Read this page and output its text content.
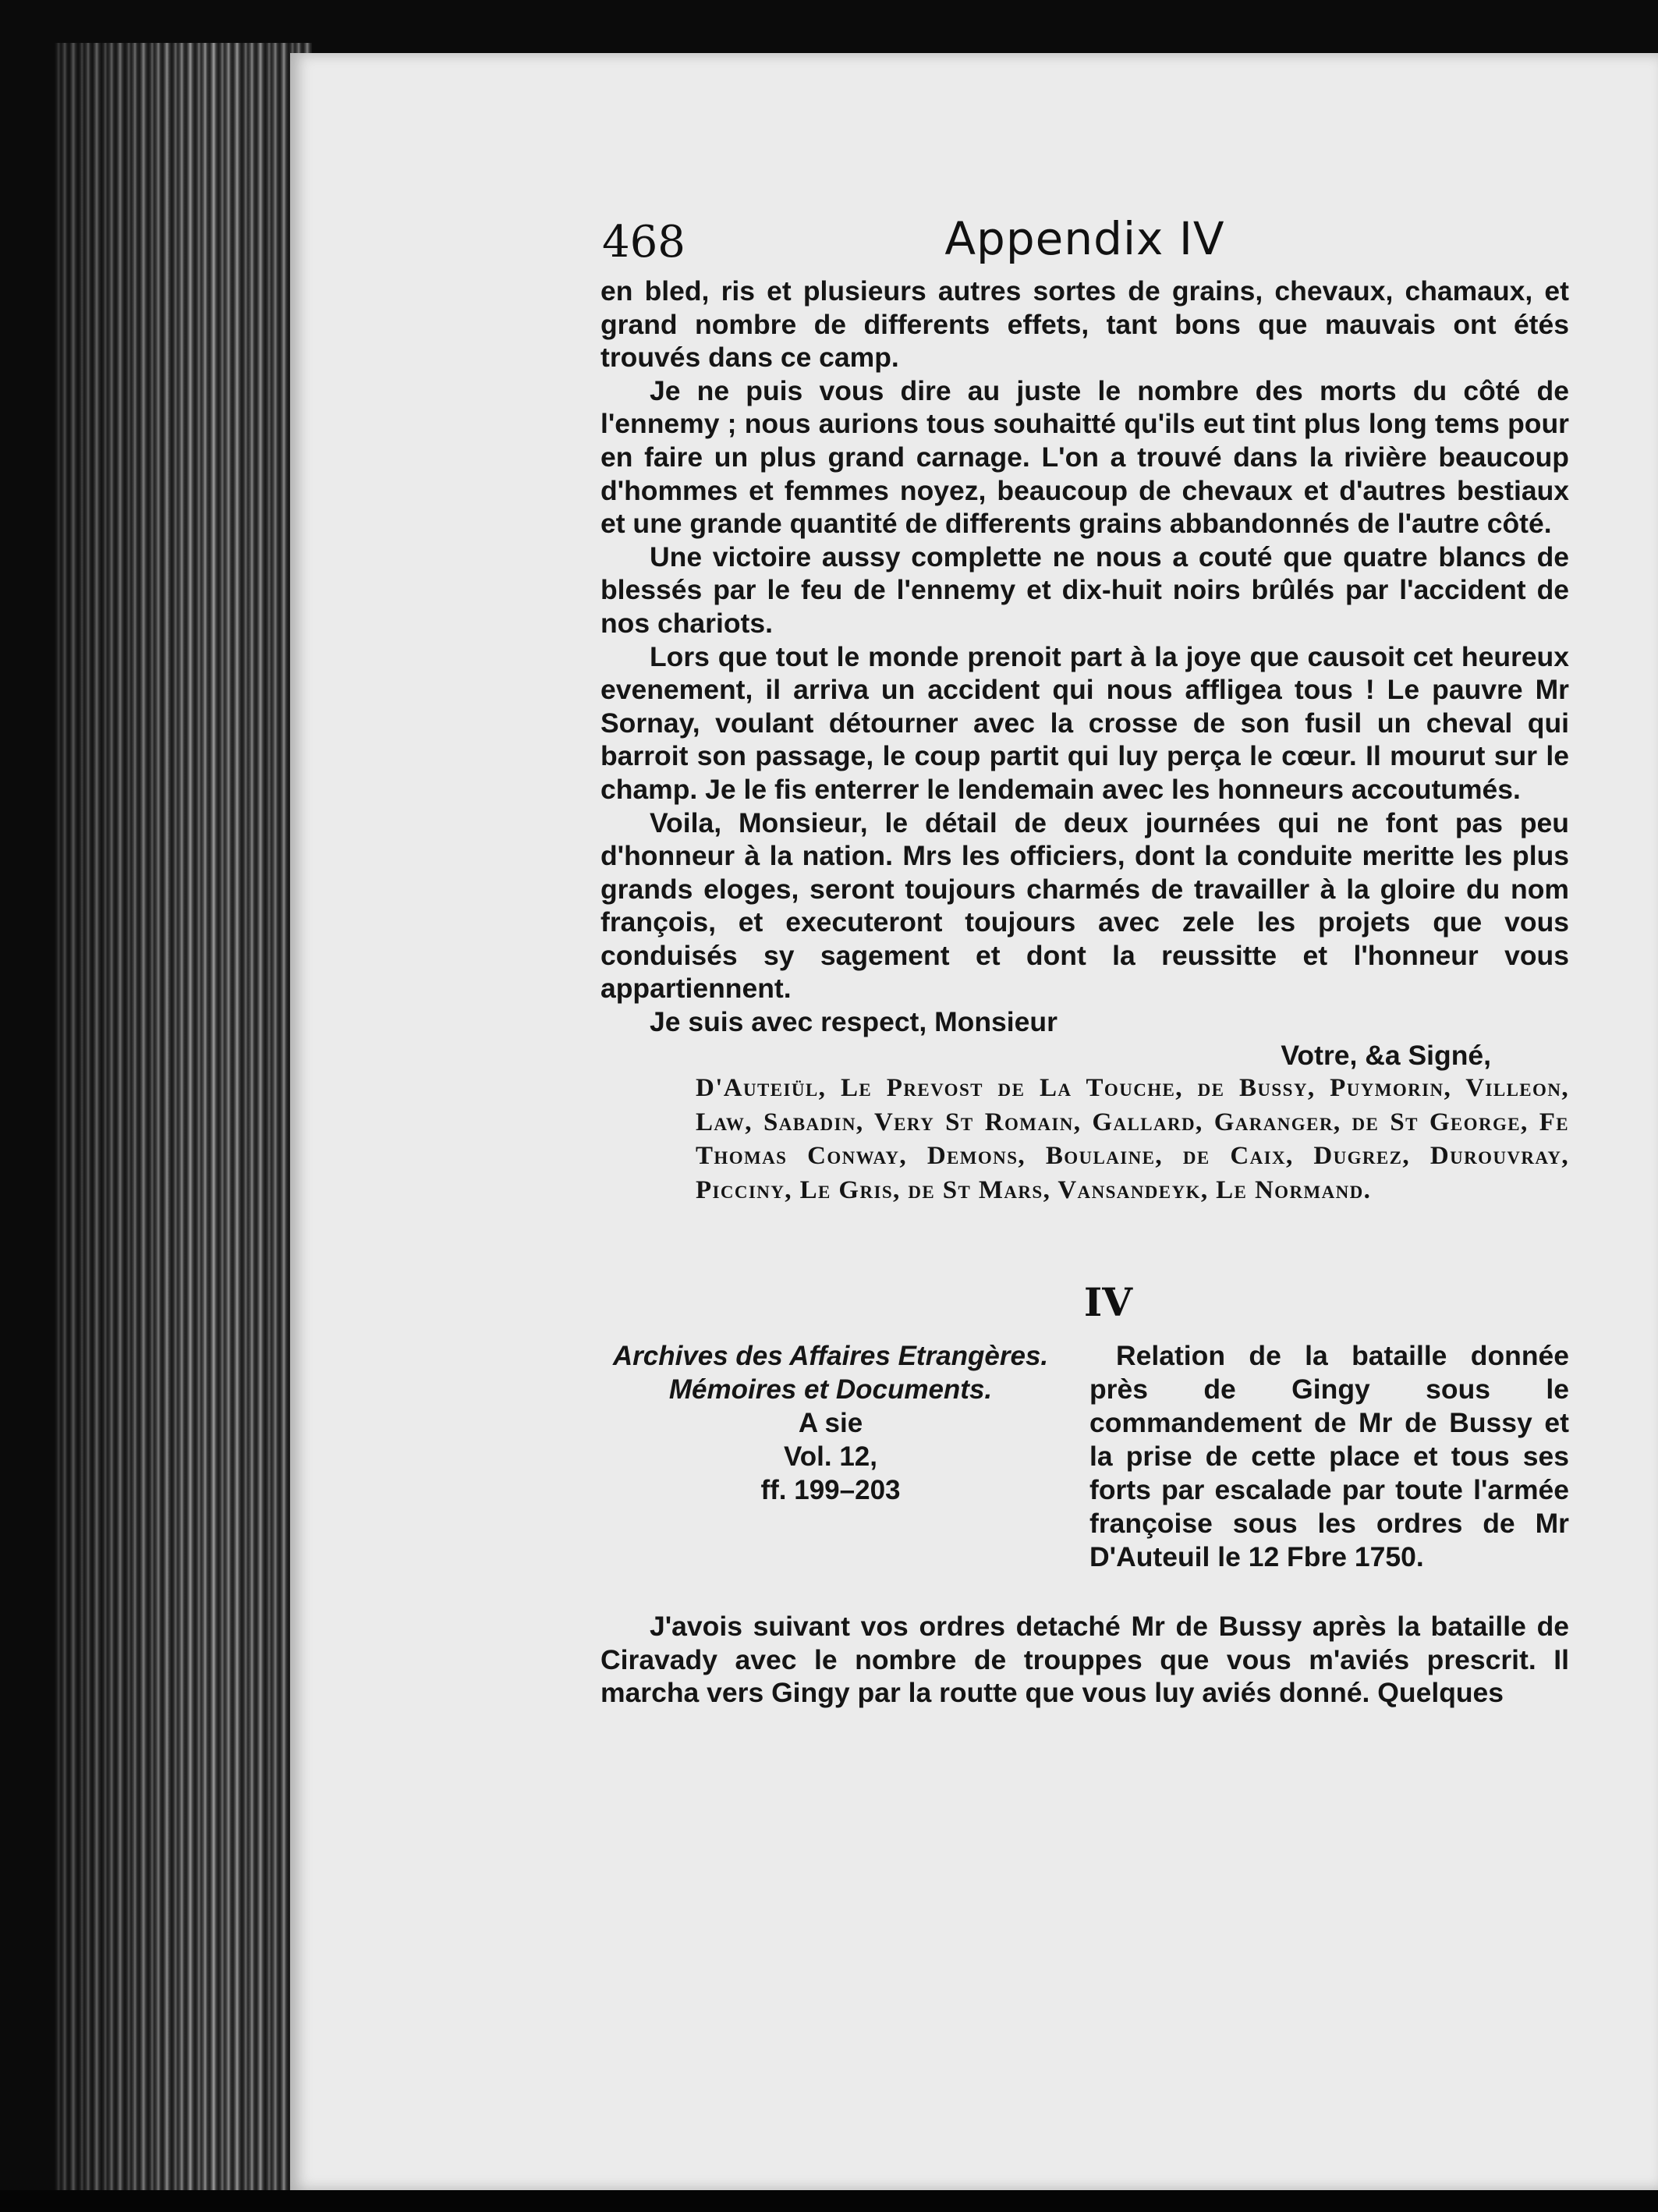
468	Appendix IV

en bled, ris et plusieurs autres sortes de grains, chevaux, chamaux, et grand nombre de differents effets, tant bons que mauvais ont étés trouvés dans ce camp.

Je ne puis vous dire au juste le nombre des morts du côté de l'ennemy ; nous aurions tous souhaitté qu'ils eut tint plus long tems pour en faire un plus grand carnage. L'on a trouvé dans la rivière beaucoup d'hommes et femmes noyez, beaucoup de chevaux et d'autres bestiaux et une grande quantité de differents grains abbandonnés de l'autre côté.

Une victoire aussy complette ne nous a couté que quatre blancs de blessés par le feu de l'ennemy et dix-huit noirs brûlés par l'accident de nos chariots.

Lors que tout le monde prenoit part à la joye que causoit cet heureux evenement, il arriva un accident qui nous affligea tous ! Le pauvre Mr Sornay, voulant détourner avec la crosse de son fusil un cheval qui barroit son passage, le coup partit qui luy perça le cœur. Il mourut sur le champ. Je le fis enterrer le lendemain avec les honneurs accoutumés.

Voila, Monsieur, le détail de deux journées qui ne font pas peu d'honneur à la nation. Mrs les officiers, dont la conduite meritte les plus grands eloges, seront toujours charmés de travailler à la gloire du nom françois, et executeront toujours avec zele les projets que vous conduisés sy sagement et dont la reussitte et l'honneur vous appartiennent.

Je suis avec respect, Monsieur

Votre, &a Signé,

D'Auteiül, Le Prevost de La Touche, de Bussy, Puymorin, Villeon, Law, Sabadin, Very St Romain, Gallard, Garanger, de St George, Fe Thomas Conway, Demons, Boulaine, de Caix, Dugrez, Durouvray, Picciny, Le Gris, de St Mars, Vansandeyk, Le Normand.
IV
Archives des Affaires Etrangères.
Mémoires et Documents.
A sie
Vol. 12,
ff. 199–203

Relation de la bataille donnée près de Gingy sous le commandement de Mr de Bussy et la prise de cette place et tous ses forts par escalade par toute l'armée françoise sous les ordres de Mr D'Auteuil le 12 Fbre 1750.

J'avois suivant vos ordres detaché Mr de Bussy après la bataille de Ciravady avec le nombre de trouppes que vous m'aviés prescrit. Il marcha vers Gingy par la routte que vous luy aviés donné. Quelques
